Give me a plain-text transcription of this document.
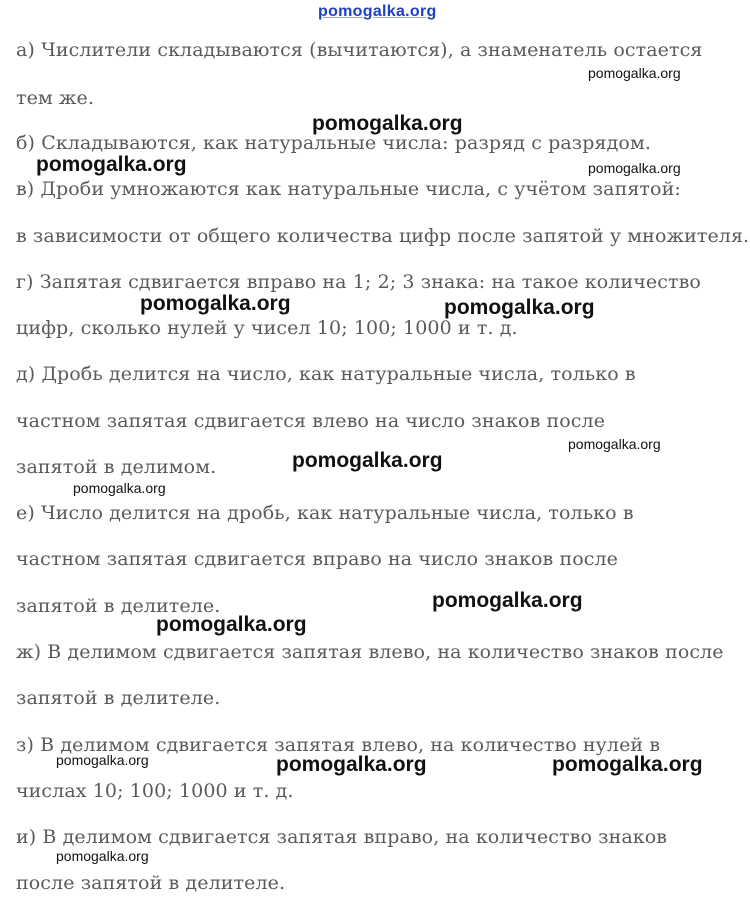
pomogalka.org
а) Числители складываются (вычитаются), а знаменатель остается
тем же.
б) Складываются, как натуральные числа: разряд с разрядом.
в) Дроби умножаются как натуральные числа, с учётом запятой:
в зависимости от общего количества цифр после запятой у множителя.
г) Запятая сдвигается вправо на 1; 2; 3 знака: на такое количество
цифр, сколько нулей у чисел 10; 100; 1000 и т. д.
д) Дробь делится на число, как натуральные числа, только в
частном запятая сдвигается влево на число знаков после
запятой в делимом.
е) Число делится на дробь, как натуральные числа, только в
частном запятая сдвигается вправо на число знаков после
запятой в делителе.
ж) В делимом сдвигается запятая влево, на количество знаков после
запятой в делителе.
з) В делимом сдвигается запятая влево, на количество нулей в
числах 10; 100; 1000 и т. д.
и) В делимом сдвигается запятая вправо, на количество знаков
после запятой в делителе.
pomogalka.org
pomogalka.org
pomogalka.org	pomogalka.org
pomogalka.org	pomogalka.org
pomogalka.org
pomogalka.org
pomogalka.org
pomogalka.org
pomogalka.org
pomogalka.org	pomogalka.org	pomogalka.org
pomogalka.org
